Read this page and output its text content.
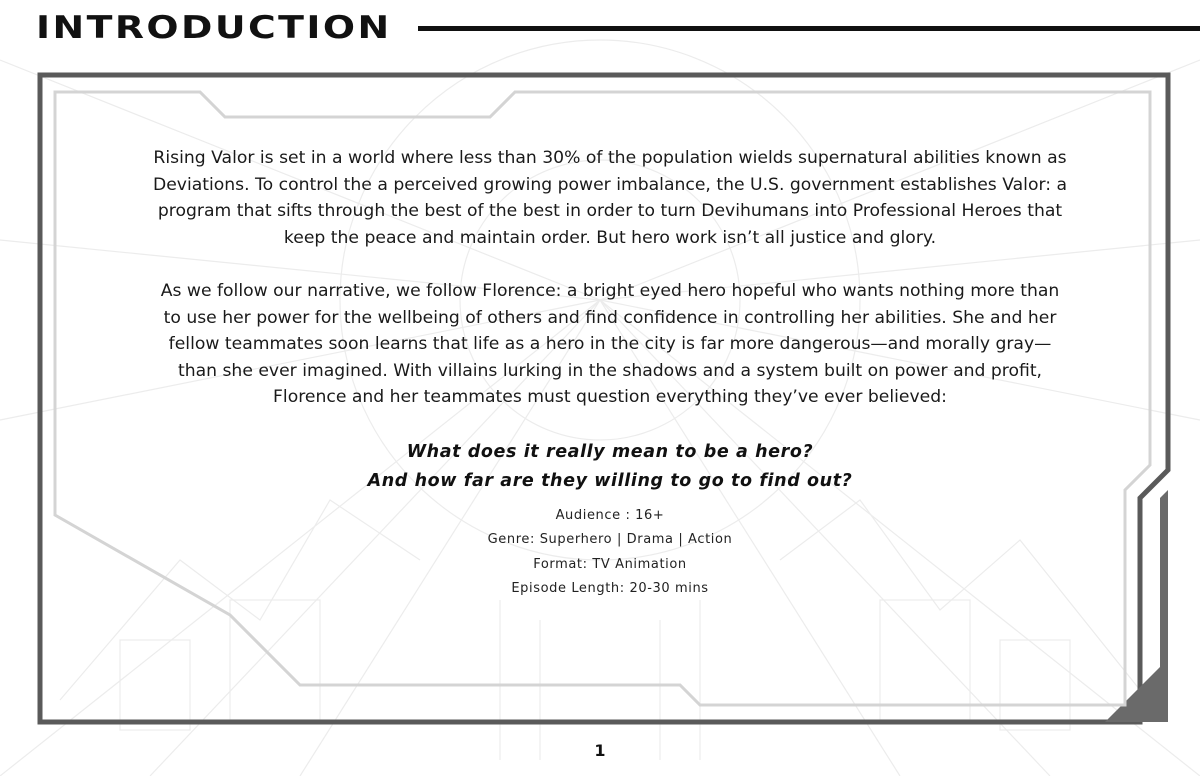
INTRODUCTION

Rising Valor is set in a world where less than 30% of the population wields supernatural abilities known as Deviations. To control the a perceived growing power imbalance, the U.S. government establishes Valor: a program that sifts through the best of the best in order to turn Devihumans into Professional Heroes that keep the peace and maintain order. But hero work isn’t all justice and glory.

As we follow our narrative, we follow Florence: a bright eyed hero hopeful who wants nothing more than to use her power for the wellbeing of others and find confidence in controlling her abilities. She and her fellow teammates soon learns that life as a hero in the city is far more dangerous—and morally gray—than she ever imagined. With villains lurking in the shadows and a system built on power and profit, Florence and her teammates must question everything they’ve ever believed:

What does it really mean to be a hero?

And how far are they willing to go to find out?

Audience : 16+

Genre: Superhero | Drama | Action

Format: TV Animation

Episode Length: 20-30 mins

1
